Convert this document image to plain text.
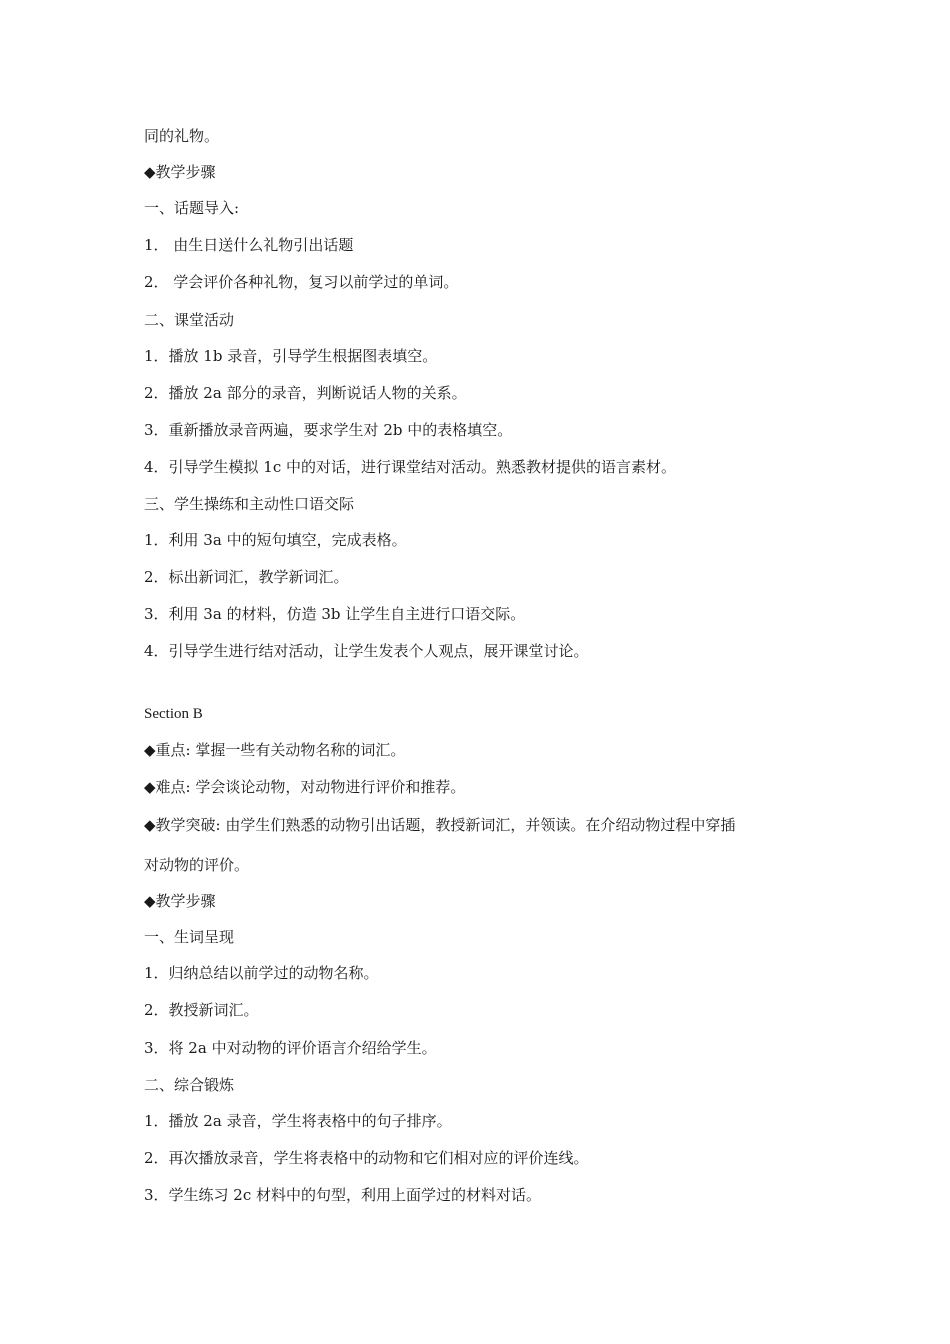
同的礼物。
◆教学步骤
一、话题导入:
1． 由生日送什么礼物引出话题
2． 学会评价各种礼物，复习以前学过的单词。
二、课堂活动
1．播放 1b 录音，引导学生根据图表填空。
2．播放 2a 部分的录音，判断说话人物的关系。
3．重新播放录音两遍，要求学生对 2b 中的表格填空。
4．引导学生模拟 1c 中的对话，进行课堂结对活动。熟悉教材提供的语言素材。
三、学生操练和主动性口语交际
1．利用 3a 中的短句填空，完成表格。
2．标出新词汇，教学新词汇。
3．利用 3a 的材料，仿造 3b 让学生自主进行口语交际。
4．引导学生进行结对活动，让学生发表个人观点，展开课堂讨论。
Section B
◆重点: 掌握一些有关动物名称的词汇。
◆难点: 学会谈论动物，对动物进行评价和推荐。
◆教学突破: 由学生们熟悉的动物引出话题，教授新词汇，并领读。在介绍动物过程中穿插
对动物的评价。
◆教学步骤
一、生词呈现
1．归纳总结以前学过的动物名称。
2．教授新词汇。
3．将 2a 中对动物的评价语言介绍给学生。
二、综合锻炼
1．播放 2a 录音，学生将表格中的句子排序。
2．再次播放录音，学生将表格中的动物和它们相对应的评价连线。
3．学生练习 2c 材料中的句型，利用上面学过的材料对话。
